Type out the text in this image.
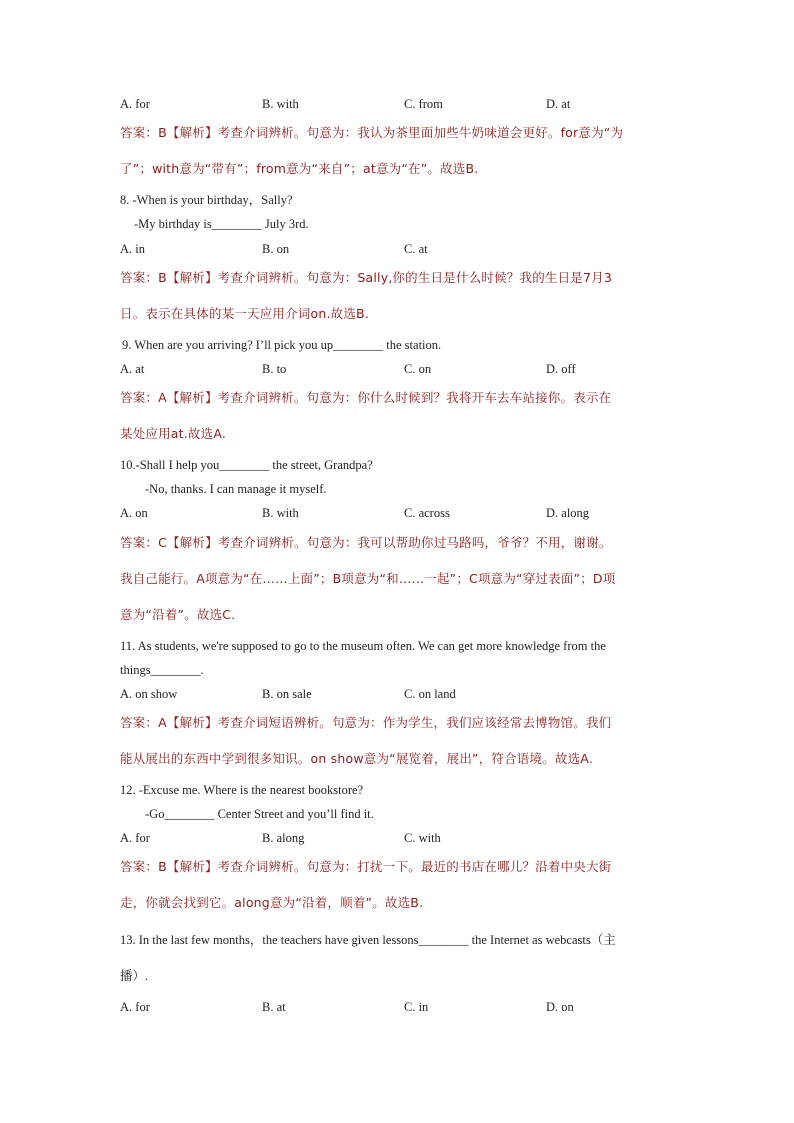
A. for	B. with	C. from	D. at
答案：B【解析】考查介词辨析。句意为：我认为茶里面加些牛奶味道会更好。for意为“为
了”；with意为“带有”；from意为“来自”；at意为“在”。故选B.
8. -When is your birthday，Sally?
-My birthday is________ July 3rd.
A. in	B. on	C. at
答案：B【解析】考查介词辨析。句意为：Sally,你的生日是什么时候？我的生日是7月3
日。表示在具体的某一天应用介词on.故选B.
9. When are you arriving? I’ll pick you up________ the station.
A. at	B. to	C. on	D. off
答案：A【解析】考查介词辨析。句意为：你什么时候到？我将开车去车站接你。表示在
某处应用at.故选A.
10.-Shall I help you________ the street, Grandpa?
-No, thanks. I can manage it myself.
A. on	B. with	C. across	D. along
答案：C【解析】考查介词辨析。句意为：我可以帮助你过马路吗，爷爷？不用，谢谢。
我自己能行。A项意为“在……上面”；B项意为“和……一起”；C项意为“穿过表面”；D项
意为“沿着”。故选C.
11. As students, we're supposed to go to the museum often. We can get more knowledge from the
things________.
A. on show	B. on sale	C. on land
答案：A【解析】考查介词短语辨析。句意为：作为学生，我们应该经常去博物馆。我们
能从展出的东西中学到很多知识。on show意为“展览着，展出”，符合语境。故选A.
12. -Excuse me. Where is the nearest bookstore?
-Go________ Center Street and you’ll find it.
A. for	B. along	C. with
答案：B【解析】考查介词辨析。句意为：打扰一下。最近的书店在哪儿？沿着中央大街
走，你就会找到它。along意为“沿着，顺着”。故选B.
13. In the last few months，the teachers have given lessons________ the Internet as webcasts（主
播）.
A. for	B. at	C. in	D. on
